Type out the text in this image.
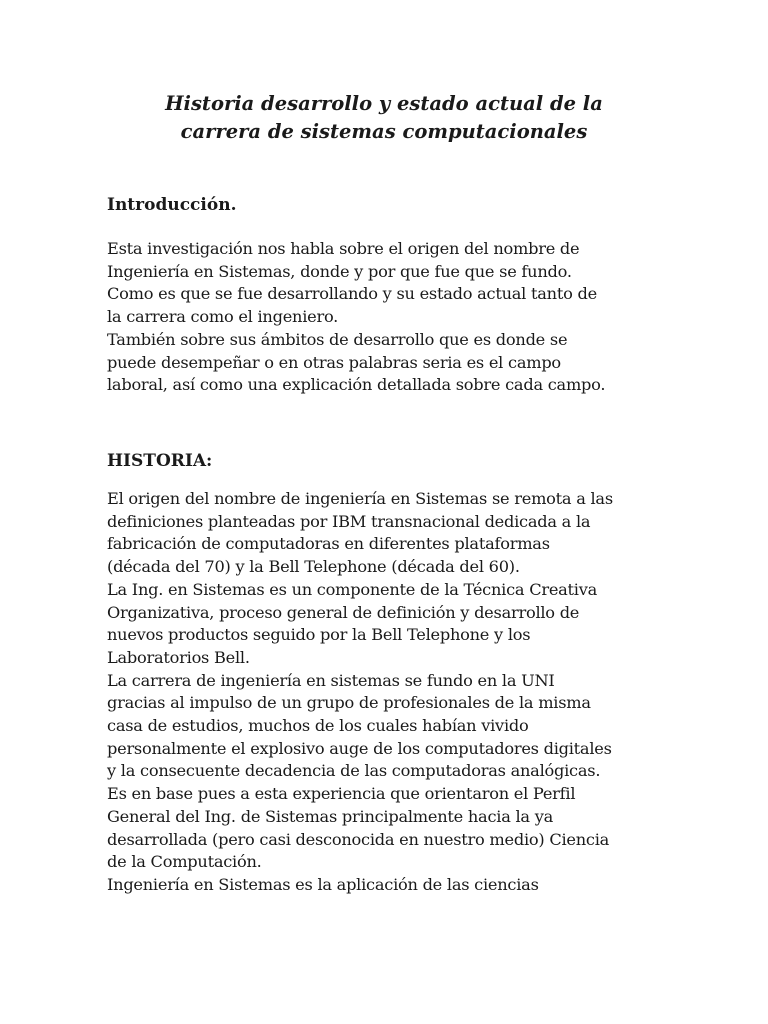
Historia desarrollo y estado actual de la
carrera de sistemas computacionales
Introducción.

Esta investigación nos habla sobre el origen del nombre de
Ingeniería en Sistemas, donde y por que fue que se fundo.
Como es que se fue desarrollando y su estado actual tanto de
la carrera como el ingeniero.
También sobre sus ámbitos de desarrollo que es donde se
puede desempeñar o en otras palabras seria es el campo
laboral, así como una explicación detallada sobre cada campo.

HISTORIA:

El origen del nombre de ingeniería en Sistemas se remota a las
definiciones planteadas por IBM transnacional dedicada a la
fabricación de computadoras en diferentes plataformas
(década del 70) y la Bell Telephone (década del 60).
La Ing. en Sistemas es un componente de la Técnica Creativa
Organizativa, proceso general de definición y desarrollo de
nuevos productos seguido por la Bell Telephone y los
Laboratorios Bell.
La carrera de ingeniería en sistemas se fundo en la UNI
gracias al impulso de un grupo de profesionales de la misma
casa de estudios, muchos de los cuales habían vivido
personalmente el explosivo auge de los computadores digitales
y la consecuente decadencia de las computadoras analógicas.
Es en base pues a esta experiencia que orientaron el Perfil
General del Ing. de Sistemas principalmente hacia la ya
desarrollada (pero casi desconocida en nuestro medio) Ciencia
de la Computación.
Ingeniería en Sistemas es la aplicación de las ciencias
